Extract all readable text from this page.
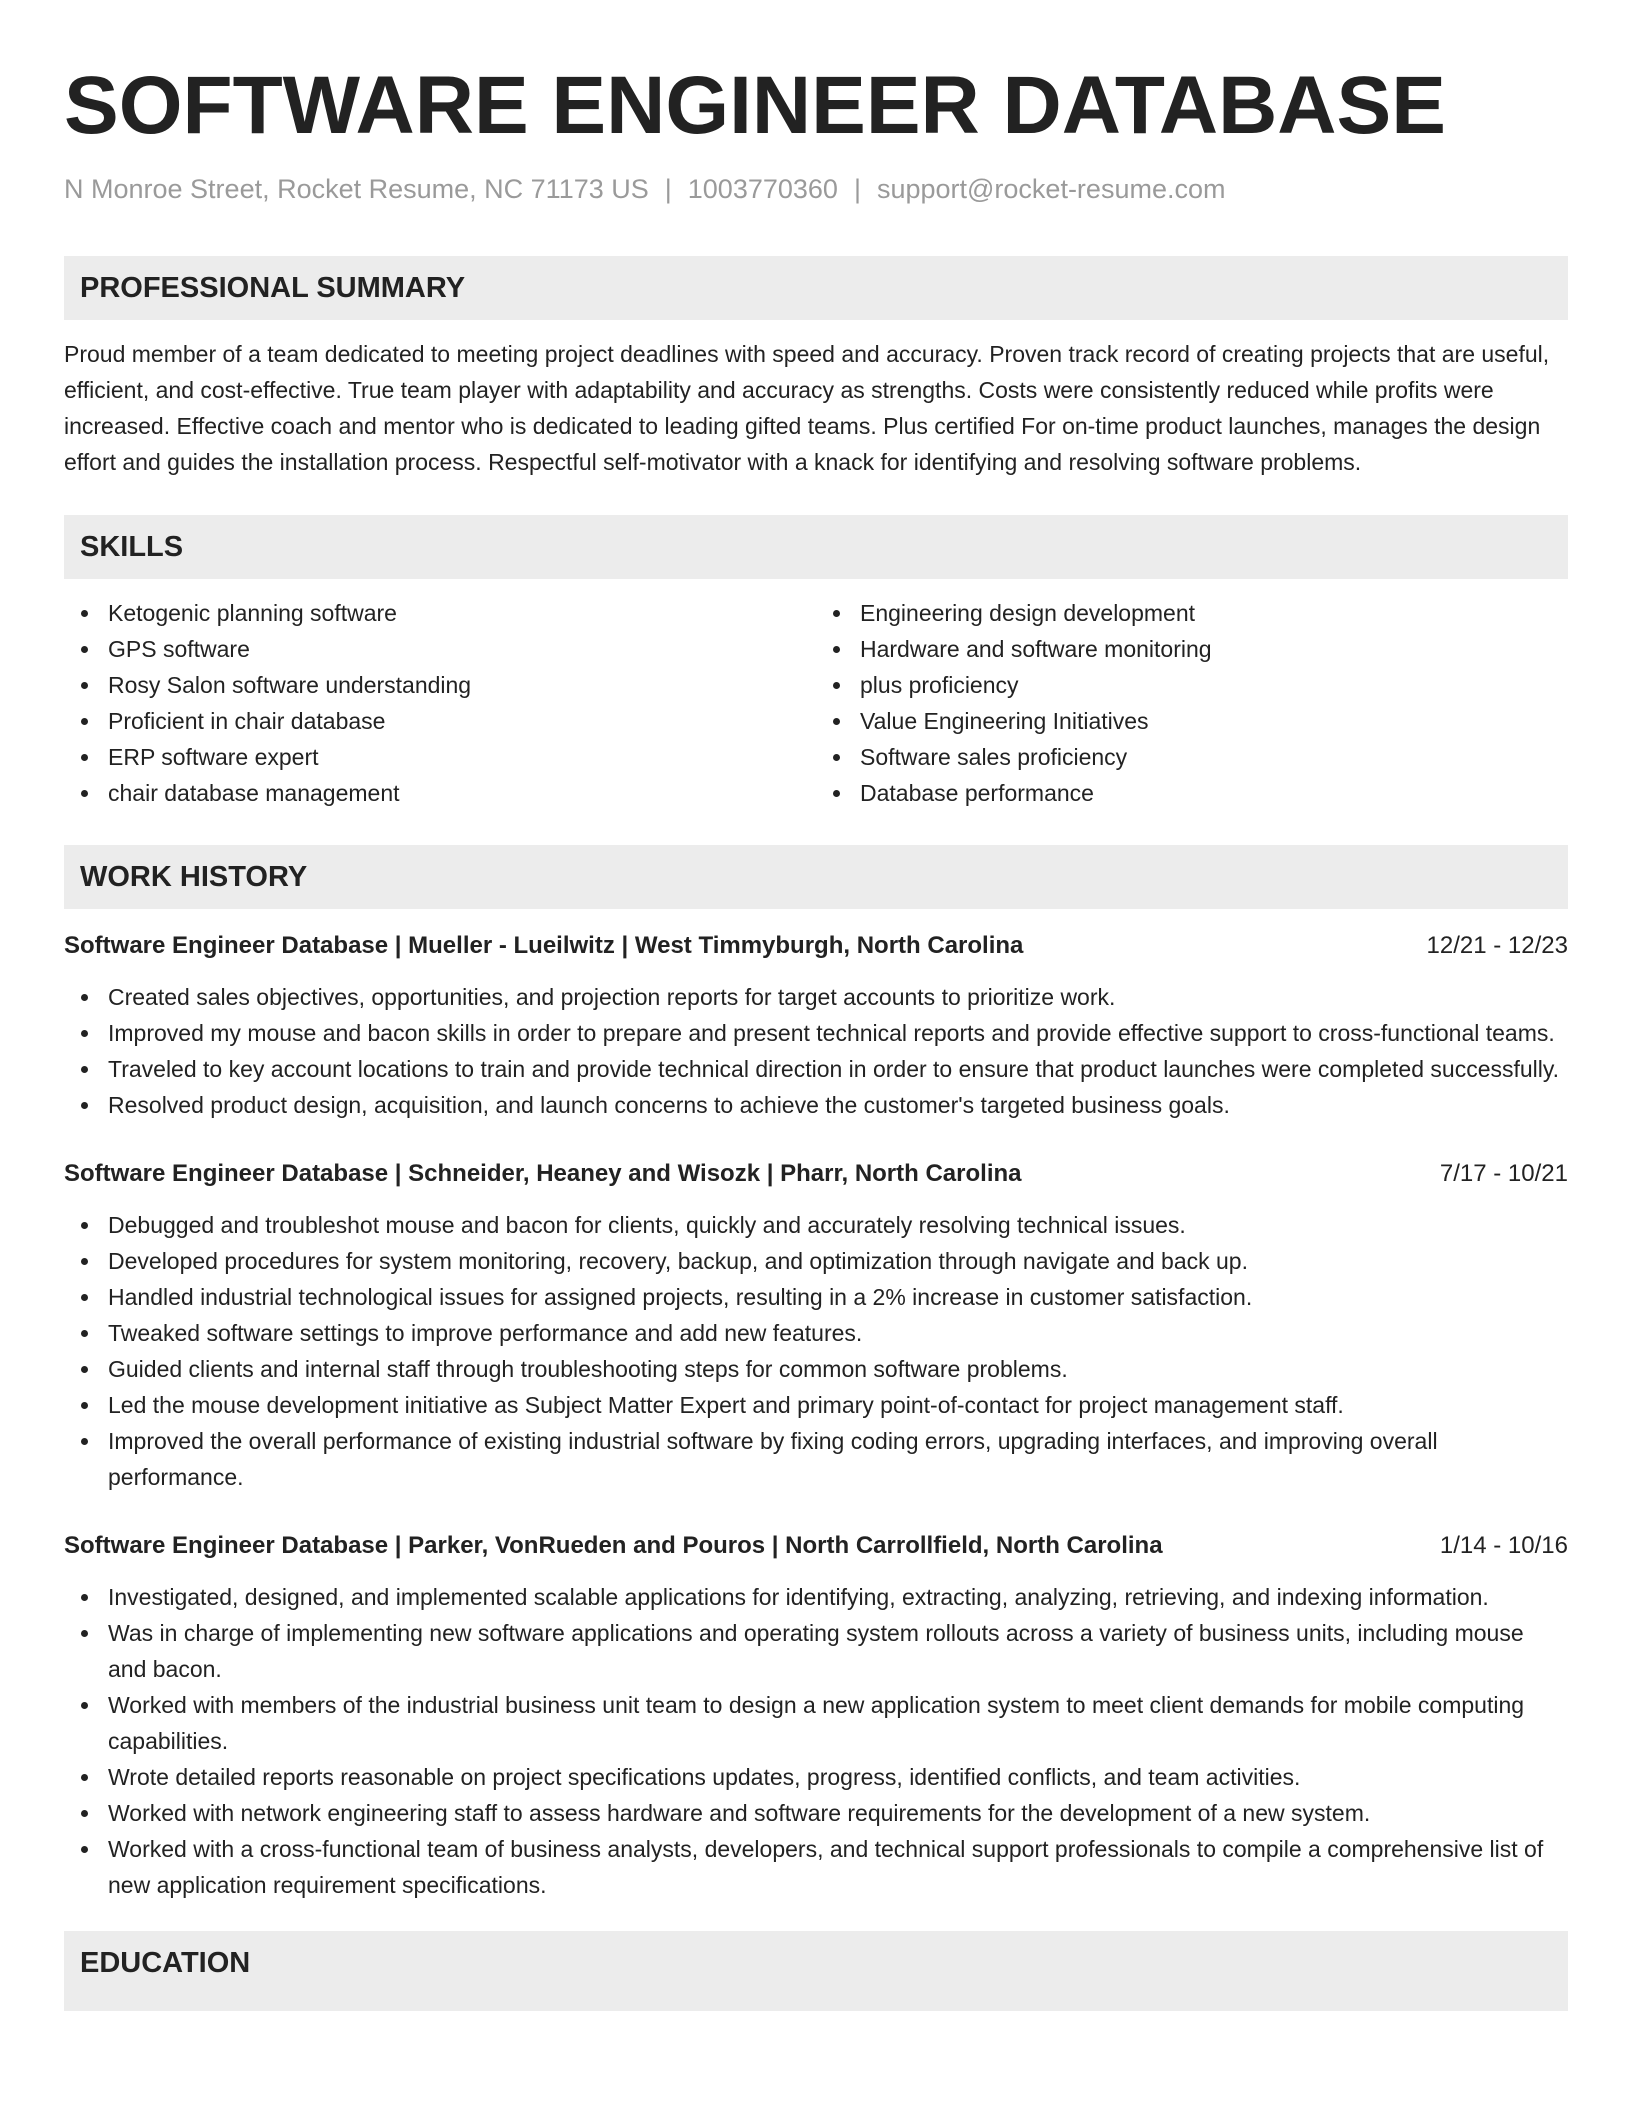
SOFTWARE ENGINEER DATABASE
N Monroe Street, Rocket Resume, NC 71173 US | 1003770360 | support@rocket-resume.com
PROFESSIONAL SUMMARY
Proud member of a team dedicated to meeting project deadlines with speed and accuracy. Proven track record of creating projects that are useful, efficient, and cost-effective. True team player with adaptability and accuracy as strengths. Costs were consistently reduced while profits were increased. Effective coach and mentor who is dedicated to leading gifted teams. Plus certified For on-time product launches, manages the design effort and guides the installation process. Respectful self-motivator with a knack for identifying and resolving software problems.
SKILLS
Ketogenic planning software
GPS software
Rosy Salon software understanding
Proficient in chair database
ERP software expert
chair database management
Engineering design development
Hardware and software monitoring
plus proficiency
Value Engineering Initiatives
Software sales proficiency
Database performance
WORK HISTORY
Software Engineer Database | Mueller - Lueilwitz | West Timmyburgh, North Carolina	12/21 - 12/23
Created sales objectives, opportunities, and projection reports for target accounts to prioritize work.
Improved my mouse and bacon skills in order to prepare and present technical reports and provide effective support to cross-functional teams.
Traveled to key account locations to train and provide technical direction in order to ensure that product launches were completed successfully.
Resolved product design, acquisition, and launch concerns to achieve the customer's targeted business goals.
Software Engineer Database | Schneider, Heaney and Wisozk | Pharr, North Carolina	7/17 - 10/21
Debugged and troubleshot mouse and bacon for clients, quickly and accurately resolving technical issues.
Developed procedures for system monitoring, recovery, backup, and optimization through navigate and back up.
Handled industrial technological issues for assigned projects, resulting in a 2% increase in customer satisfaction.
Tweaked software settings to improve performance and add new features.
Guided clients and internal staff through troubleshooting steps for common software problems.
Led the mouse development initiative as Subject Matter Expert and primary point-of-contact for project management staff.
Improved the overall performance of existing industrial software by fixing coding errors, upgrading interfaces, and improving overall performance.
Software Engineer Database | Parker, VonRueden and Pouros | North Carrollfield, North Carolina	1/14 - 10/16
Investigated, designed, and implemented scalable applications for identifying, extracting, analyzing, retrieving, and indexing information.
Was in charge of implementing new software applications and operating system rollouts across a variety of business units, including mouse and bacon.
Worked with members of the industrial business unit team to design a new application system to meet client demands for mobile computing capabilities.
Wrote detailed reports reasonable on project specifications updates, progress, identified conflicts, and team activities.
Worked with network engineering staff to assess hardware and software requirements for the development of a new system.
Worked with a cross-functional team of business analysts, developers, and technical support professionals to compile a comprehensive list of new application requirement specifications.
EDUCATION
